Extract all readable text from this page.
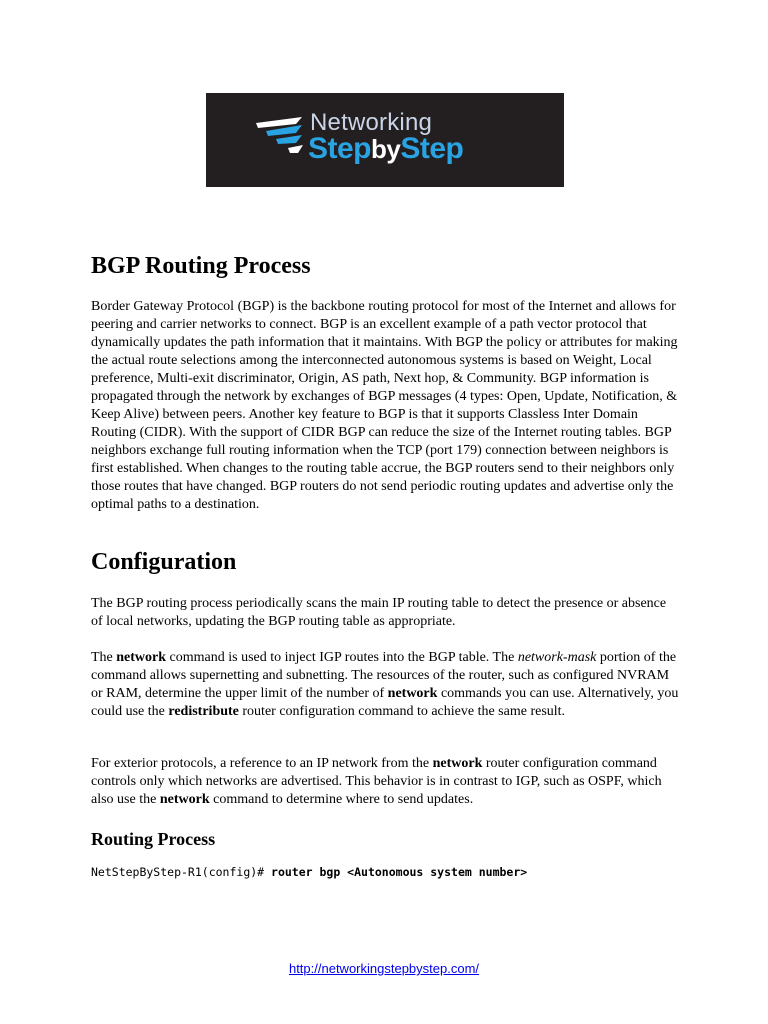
Networking
StepbyStep
BGP Routing Process

Border Gateway Protocol (BGP) is the backbone routing protocol for most of the Internet and allows for peering and carrier networks to connect. BGP is an excellent example of a path vector protocol that dynamically updates the path information that it maintains. With BGP the policy or attributes for making the actual route selections among the interconnected autonomous systems is based on Weight, Local preference, Multi-exit discriminator, Origin, AS path, Next hop, & Community. BGP information is propagated through the network by exchanges of BGP messages (4 types: Open, Update, Notification, & Keep Alive) between peers. Another key feature to BGP is that it supports Classless Inter Domain Routing (CIDR). With the support of CIDR BGP can reduce the size of the Internet routing tables. BGP neighbors exchange full routing information when the TCP (port 179) connection between neighbors is first established. When changes to the routing table accrue, the BGP routers send to their neighbors only those routes that have changed. BGP routers do not send periodic routing updates and advertise only the optimal paths to a destination.

Configuration

The BGP routing process periodically scans the main IP routing table to detect the presence or absence of local networks, updating the BGP routing table as appropriate.

The network command is used to inject IGP routes into the BGP table. The network-mask portion of the command allows supernetting and subnetting. The resources of the router, such as configured NVRAM or RAM, determine the upper limit of the number of network commands you can use. Alternatively, you could use the redistribute router configuration command to achieve the same result.

For exterior protocols, a reference to an IP network from the network router configuration command controls only which networks are advertised. This behavior is in contrast to IGP, such as OSPF, which also use the network command to determine where to send updates.

Routing Process
NetStepByStep-R1(config)# router bgp <Autonomous system number>
http://networkingstepbystep.com/
